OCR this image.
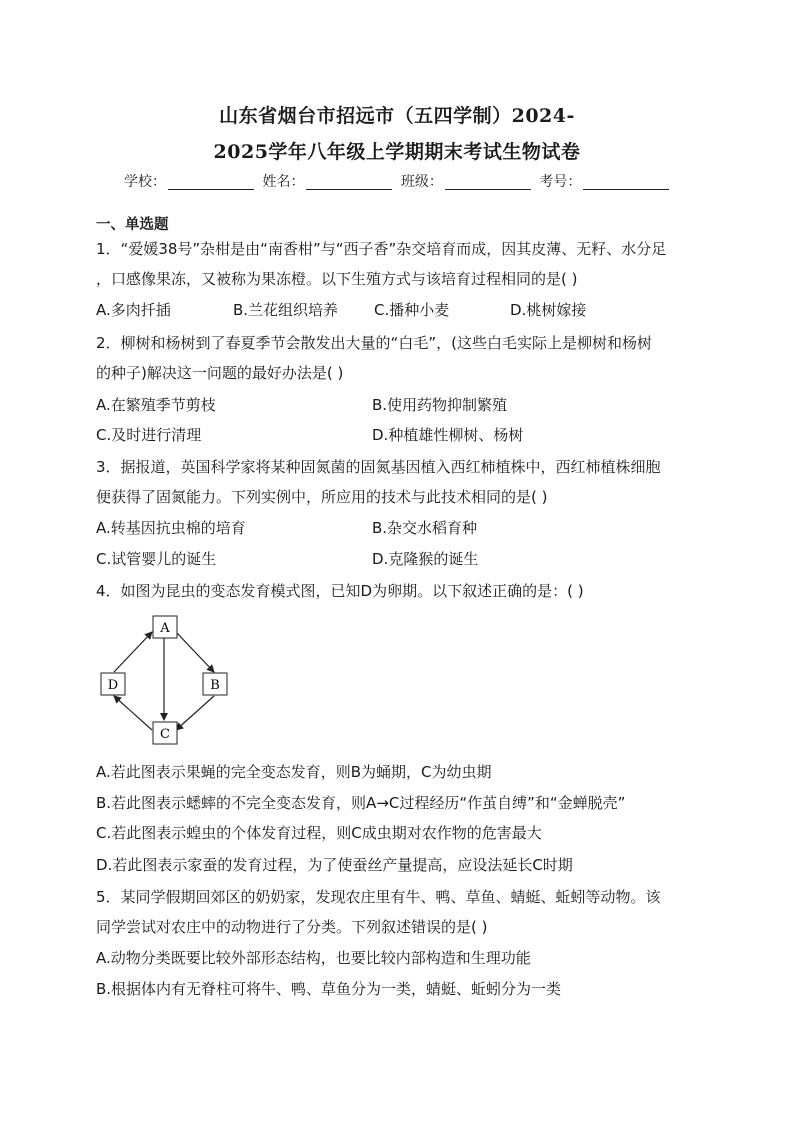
山东省烟台市招远市（五四学制）2024-
2025学年八年级上学期期末考试生物试卷
学校：	姓名：	班级：	考号：
一、单选题
1．“爱媛38号”杂柑是由“南香柑”与“西子香”杂交培育而成，因其皮薄、无籽、水分足
，口感像果冻，又被称为果冻橙。以下生殖方式与该培育过程相同的是( )
A.多肉扦插	B.兰花组织培养 C.播种小麦	D.桃树嫁接
2．柳树和杨树到了春夏季节会散发出大量的“白毛”，(这些白毛实际上是柳树和杨树
的种子)解决这一问题的最好办法是( )
A.在繁殖季节剪枝	B.使用药物抑制繁殖
C.及时进行清理	D.种植雄性柳树、杨树
3．据报道，英国科学家将某种固氮菌的固氮基因植入西红柿植株中，西红柿植株细胞
便获得了固氮能力。下列实例中，所应用的技术与此技术相同的是( )
A.转基因抗虫棉的培育	B.杂交水稻育种
C.试管婴儿的诞生	D.克隆猴的诞生
4．如图为昆虫的变态发育模式图，已知D为卵期。以下叙述正确的是：( )
A
B
C
D
A.若此图表示果蝇的完全变态发育，则B为蛹期，C为幼虫期
B.若此图表示蟋蟀的不完全变态发育，则A→C过程经历“作茧自缚”和“金蝉脱壳”
C.若此图表示蝗虫的个体发育过程，则C成虫期对农作物的危害最大
D.若此图表示家蚕的发育过程，为了使蚕丝产量提高，应设法延长C时期
5．某同学假期回郊区的奶奶家，发现农庄里有牛、鸭、草鱼、蜻蜓、蚯蚓等动物。该
同学尝试对农庄中的动物进行了分类。下列叙述错误的是( )
A.动物分类既要比较外部形态结构，也要比较内部构造和生理功能
B.根据体内有无脊柱可将牛、鸭、草鱼分为一类，蜻蜓、蚯蚓分为一类
